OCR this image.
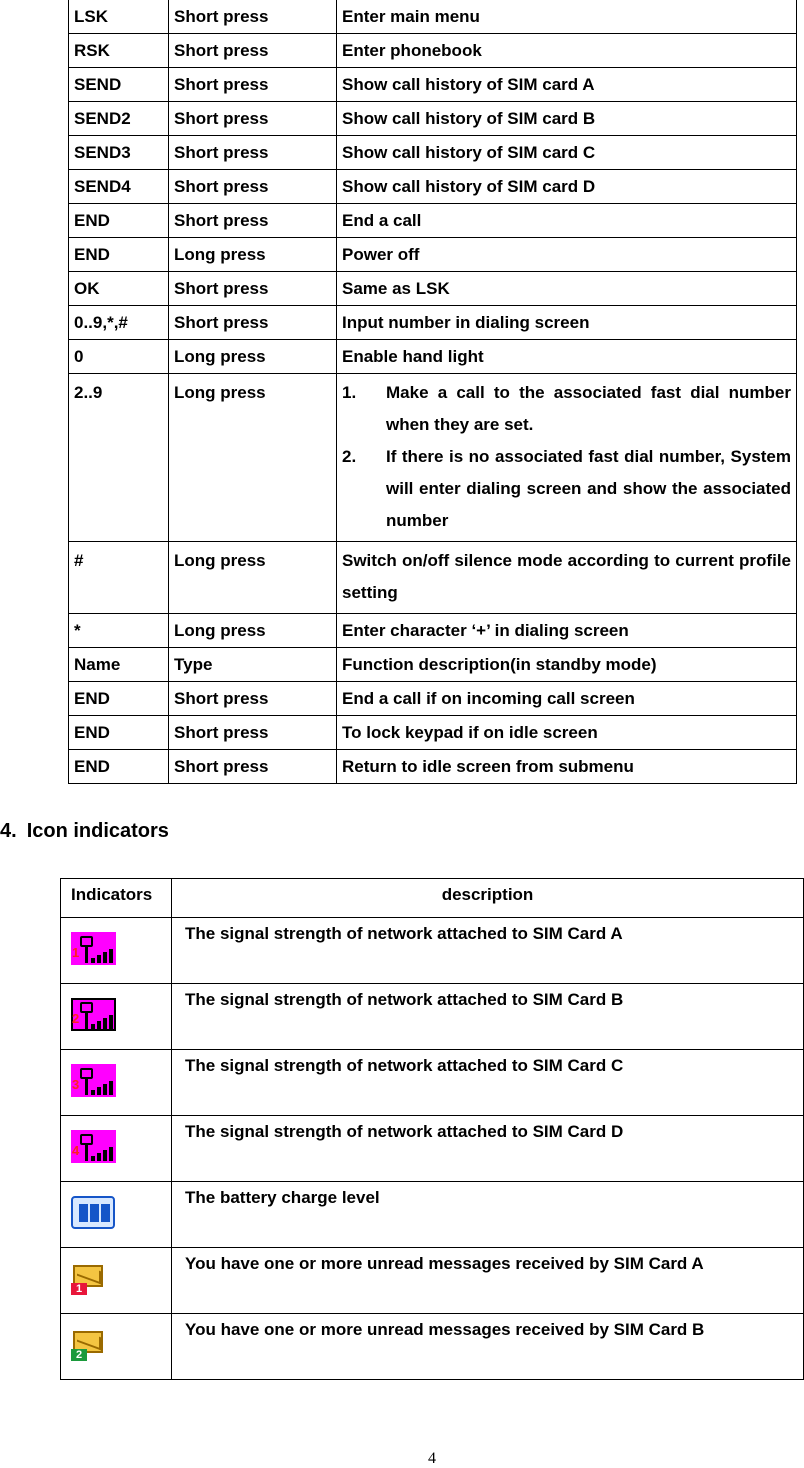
LSK	Short press	Enter main menu
RSK	Short press	Enter phonebook
SEND	Short press	Show call history of SIM card A
SEND2	Short press	Show call history of SIM card B
SEND3	Short press	Show call history of SIM card C
SEND4	Short press	Show call history of SIM card D
END	Short press	End a call
END	Long press	Power off
OK	Short press	Same as LSK
0..9,*,#	Short press	Input number in dialing screen
0	Long press	Enable hand light
2..9	Long press	1. Make a call to the associated fast dial number when they are set.
2. If there is no associated fast dial number, System will enter dialing screen and show the associated number

#	Long press	Switch on/off silence mode according to current profile setting
*	Long press	Enter character ‘+’ in dialing screen
Name	Type	Function description(in standby mode)
END	Short press	End a call if on incoming call screen
END	Short press	To lock keypad if on idle screen
END	Short press	Return to idle screen from submenu
4. Icon indicators
Indicators	description

1	The signal strength of network attached to SIM Card A

2	The signal strength of network attached to SIM Card B

3	The signal strength of network attached to SIM Card C

4	The signal strength of network attached to SIM Card D

	The battery charge level

1	You have one or more unread messages received by SIM Card A

2	You have one or more unread messages received by SIM Card B
4
